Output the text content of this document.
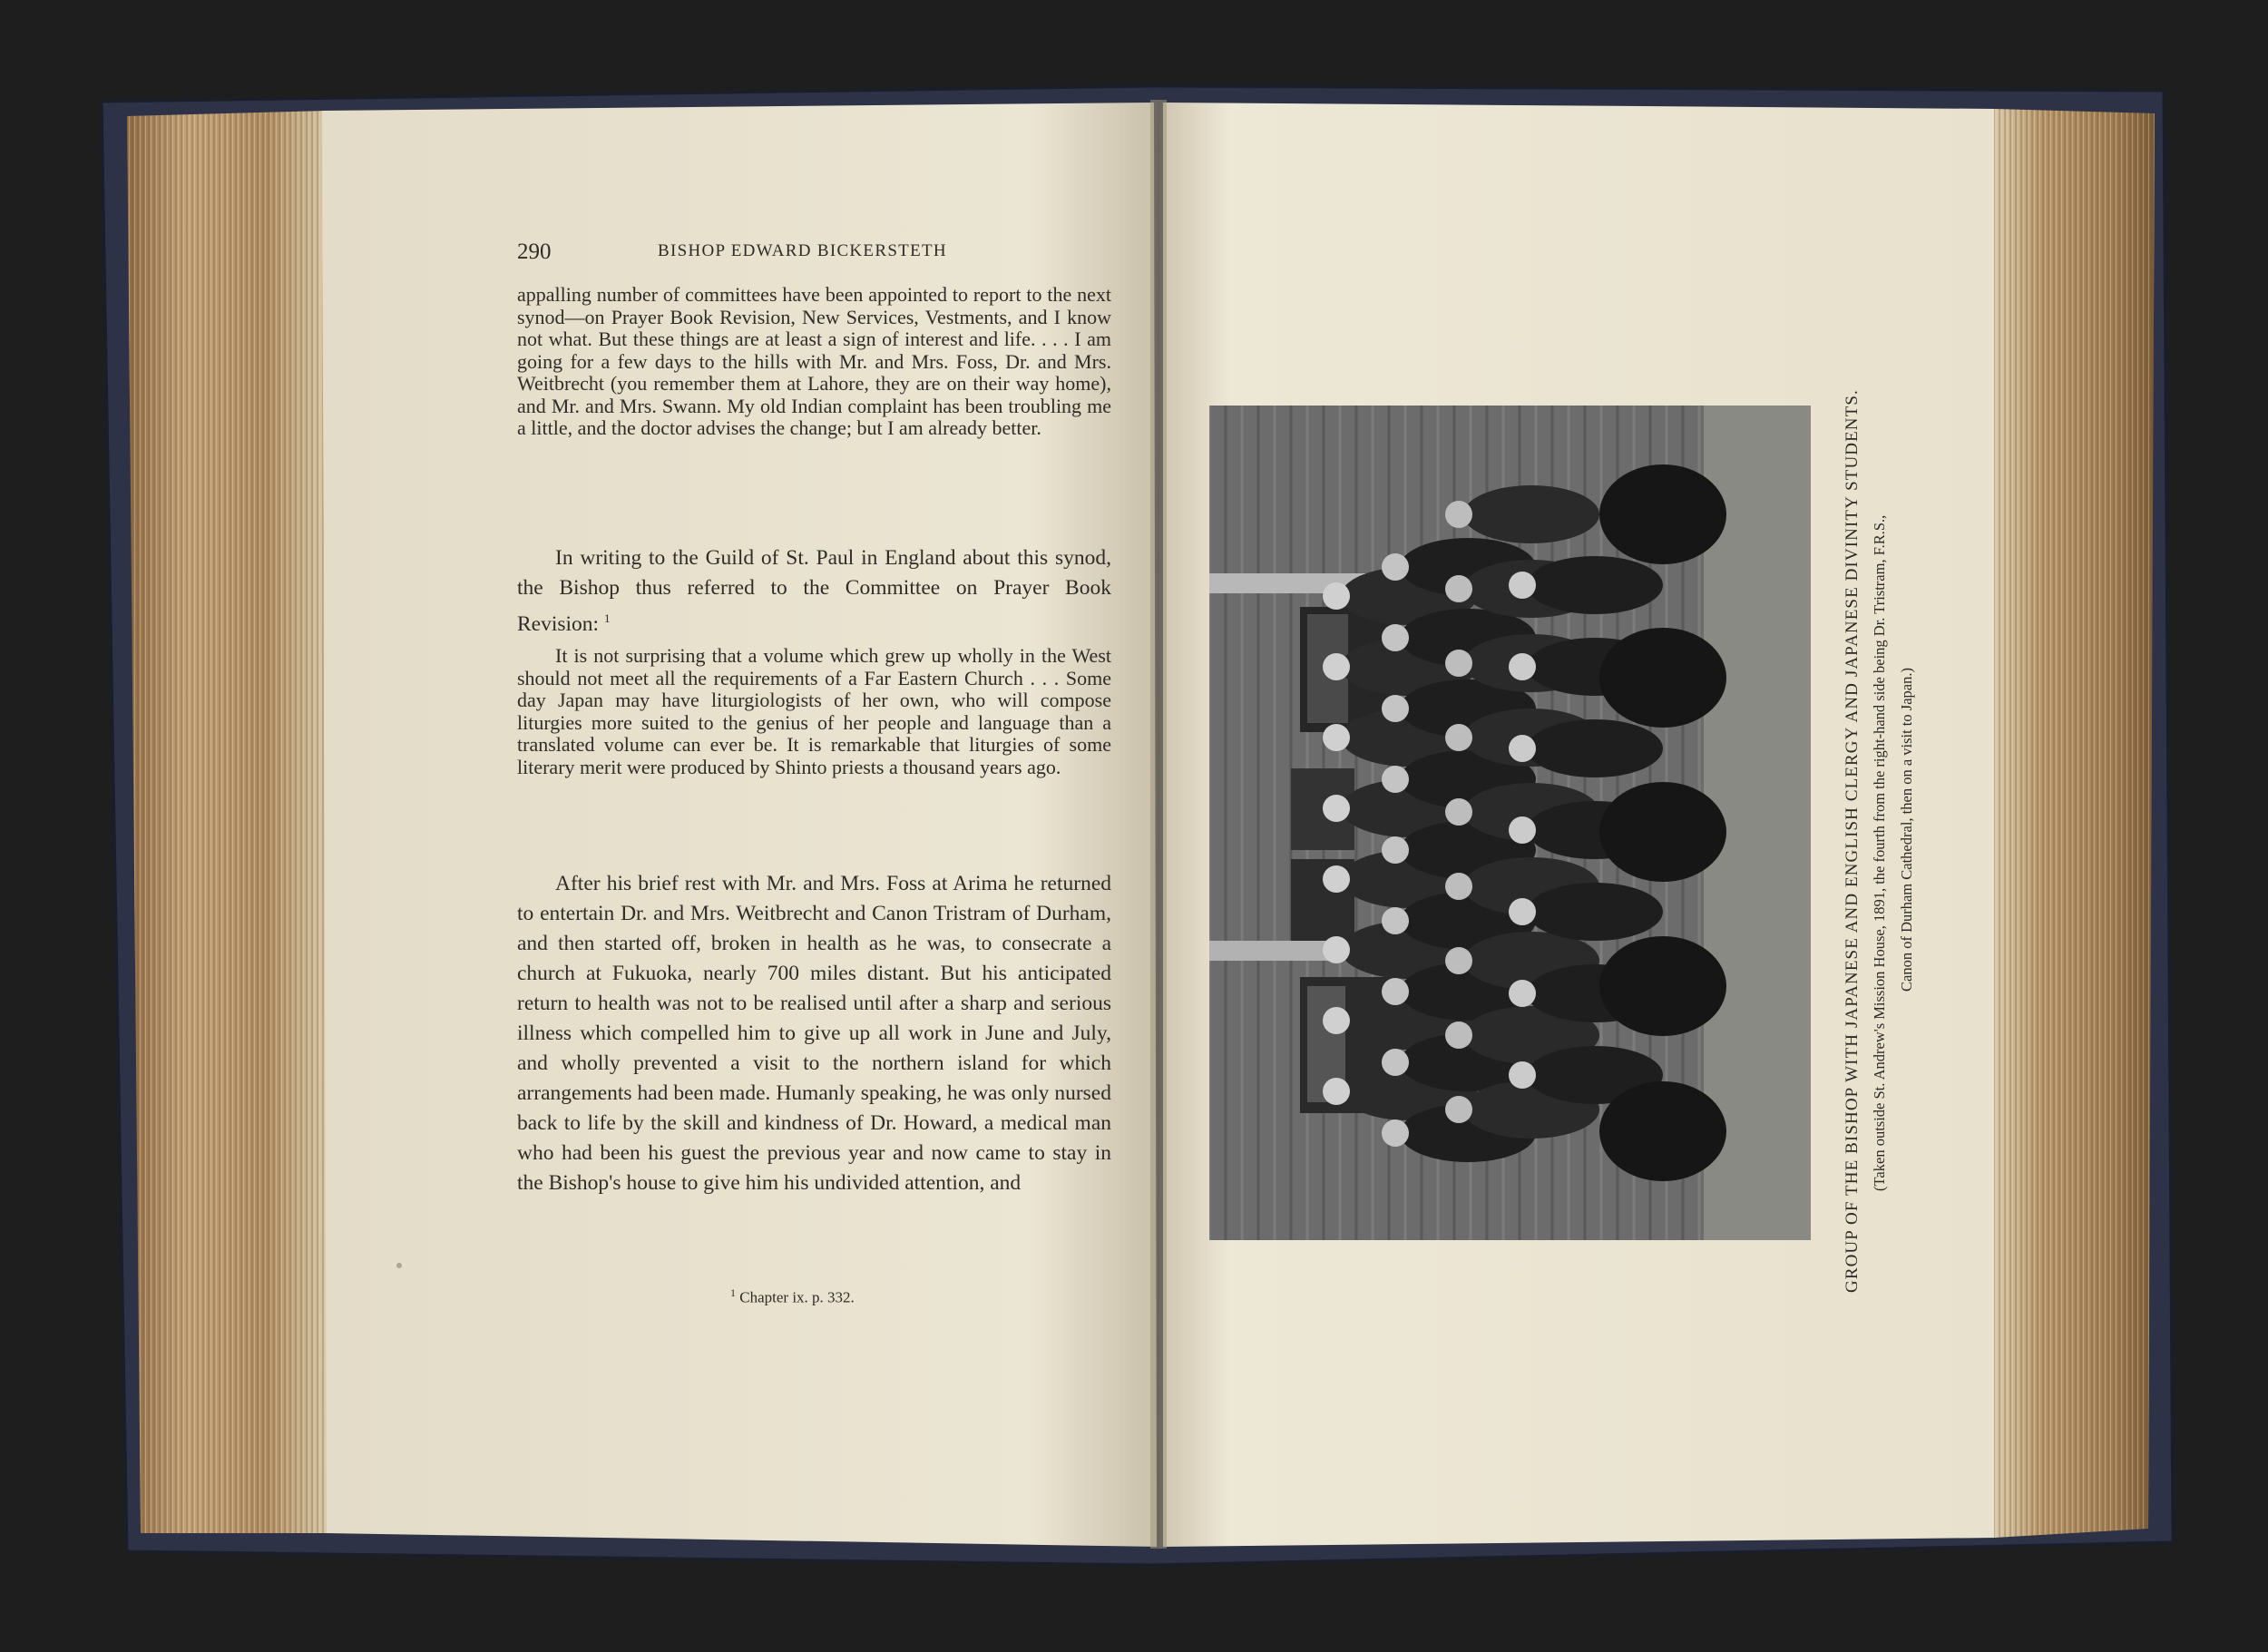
290	BISHOP EDWARD BICKERSTETH

appalling number of committees have been appointed to report to the next synod—on Prayer Book Revision, New Services, Vestments, and I know not what. But these things are at least a sign of interest and life. . . . I am going for a few days to the hills with Mr. and Mrs. Foss, Dr. and Mrs. Weitbrecht (you remember them at Lahore, they are on their way home), and Mr. and Mrs. Swann. My old Indian complaint has been troubling me a little, and the doctor advises the change; but I am already better.

In writing to the Guild of St. Paul in England about this synod, the Bishop thus referred to the Committee on Prayer Book Revision: $^1$

It is not surprising that a volume which grew up wholly in the West should not meet all the requirements of a Far Eastern Church . . . Some day Japan may have liturgiologists of her own, who will compose liturgies more suited to the genius of her people and language than a translated volume can ever be. It is remarkable that liturgies of some literary merit were produced by Shinto priests a thousand years ago.

After his brief rest with Mr. and Mrs. Foss at Arima he returned to entertain Dr. and Mrs. Weitbrecht and Canon Tristram of Durham, and then started off, broken in health as he was, to consecrate a church at Fukuoka, nearly 700 miles distant. But his anticipated return to health was not to be realised until after a sharp and serious illness which compelled him to give up all work in June and July, and wholly prevented a visit to the northern island for which arrangements had been made. Humanly speaking, he was only nursed back to life by the skill and kindness of Dr. Howard, a medical man who had been his guest the previous year and now came to stay in the Bishop's house to give him his undivided attention, and

$^1$ Chapter ix. p. 332.
GROUP OF THE BISHOP WITH JAPANESE AND ENGLISH CLERGY AND JAPANESE DIVINITY STUDENTS. (Taken outside St. Andrew's Mission House, 1891, the fourth from the right-hand side being Dr. Tristram, F.R.S., Canon of Durham Cathedral, then on a visit to Japan.)
